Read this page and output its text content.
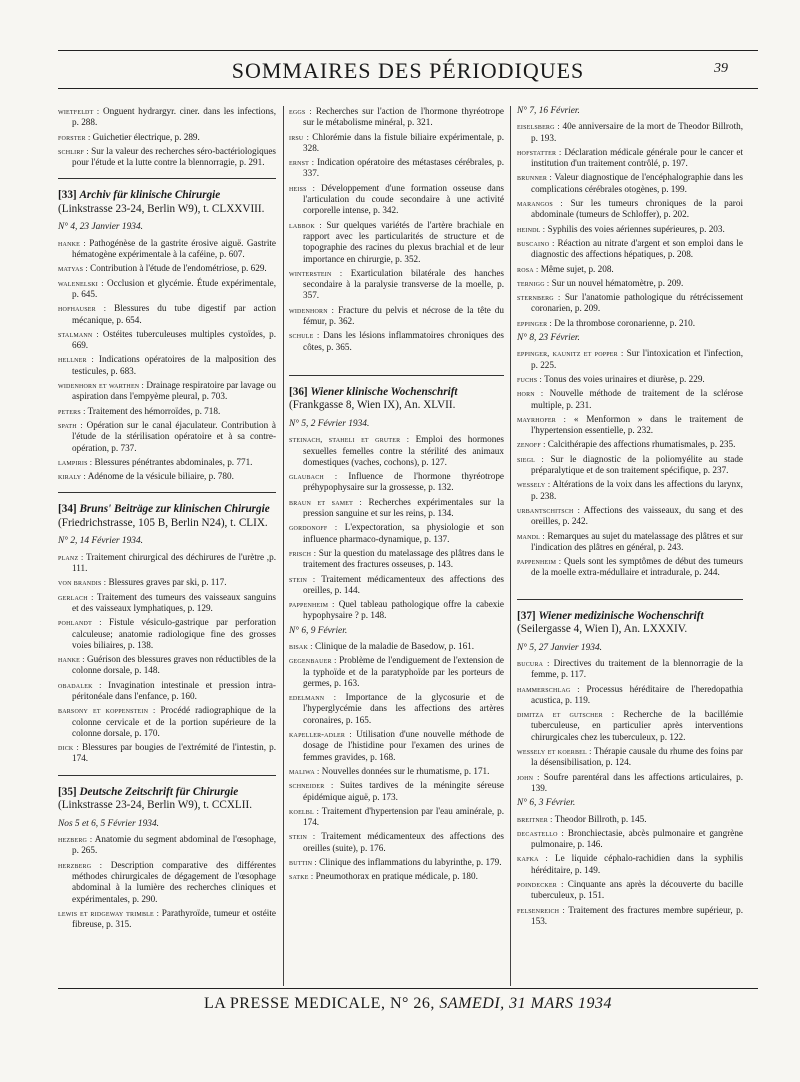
SOMMAIRES DES PÉRIODIQUES	39

wietfeldt : Onguent hydrargyr. ciner. dans les infections, p. 288.

forster : Guichetier électrique, p. 289.

schlirf : Sur la valeur des recherches séro-bactériologiques pour l'étude et la lutte contre la blennorragie, p. 291.

[33] Archiv für klinische Chirurgie (Linkstrasse 23-24, Berlin W9), t. CLXXVIII.

N° 4, 23 Janvier 1934.

hanke : Pathogénèse de la gastrite érosive aiguë. Gastrite hématogène expérimentale à la caféine, p. 607.

matyas : Contribution à l'étude de l'endométriose, p. 629.

walenelski : Occlusion et glycémie. Étude expérimentale, p. 645.

hofhauser : Blessures du tube digestif par action mécanique, p. 654.

stalmann : Ostéites tuberculeuses multiples cystoïdes, p. 669.

hellner : Indications opératoires de la malposition des testicules, p. 683.

widenhorn et warthen : Drainage respiratoire par lavage ou aspiration dans l'empyème pleural, p. 703.

peters : Traitement des hémorroïdes, p. 718.

spath : Opération sur le canal éjaculateur. Contribution à l'étude de la stérilisation opératoire et à sa contre-opération, p. 737.

lampiris : Blessures pénétrantes abdominales, p. 771.

kiraly : Adénome de la vésicule biliaire, p. 780.

[34] Bruns' Beiträge zur klinischen Chirurgie (Friedrichstrasse, 105 B, Berlin N24), t. CLIX.

N° 2, 14 Février 1934.

planz : Traitement chirurgical des déchirures de l'urètre ,p. 111.

von brandis : Blessures graves par ski, p. 117.

gerlach : Traitement des tumeurs des vaisseaux sanguins et des vaisseaux lymphatiques, p. 129.

pohlandt : Fistule vésiculo-gastrique par perforation calculeuse; anatomie radiologique fine des grosses voies biliaires, p. 138.

hanke : Guérison des blessures graves non réductibles de la colonne dorsale, p. 148.

obadalek : Invagination intestinale et pression intra-péritonéale dans l'enfance, p. 160.

barsony et koppenstein : Procédé radiographique de la colonne cervicale et de la portion supérieure de la colonne dorsale, p. 170.

dick : Blessures par bougies de l'extrémité de l'intestin, p. 174.

[35] Deutsche Zeitschrift für Chirurgie (Linkstrasse 23-24, Berlin W9), t. CCXLII.

Nos 5 et 6, 5 Février 1934.

hezberg : Anatomie du segment abdominal de l'œsophage, p. 265.

herzberg : Description comparative des différentes méthodes chirurgicales de dégagement de l'œsophage abdominal à la lumière des recherches cliniques et expérimentales, p. 290.

lewis et ridgeway trimble : Parathyroïde, tumeur et ostéite fibreuse, p. 315.

eggs : Recherches sur l'action de l'hormone thyréotrope sur le métabolisme minéral, p. 321.

irsu : Chlorémie dans la fistule biliaire expérimentale, p. 328.

ernst : Indication opératoire des métastases cérébrales, p. 337.

heiss : Développement d'une formation osseuse dans l'articulation du coude secondaire à une activité corporelle intense, p. 342.

labbok : Sur quelques variétés de l'artère brachiale en rapport avec les particularités de structure et de topographie des racines du plexus brachial et de leur importance en chirurgie, p. 352.

winterstein : Exarticulation bilatérale des hanches secondaire à la paralysie transverse de la moelle, p. 357.

widenhorn : Fracture du pelvis et nécrose de la tête du fémur, p. 362.

schule : Dans les lésions inflammatoires chroniques des côtes, p. 365.

[36] Wiener klinische Wochenschrift (Frankgasse 8, Wien IX), An. XLVII.

N° 5, 2 Février 1934.

steinach, staheli et gruter : Emploi des hormones sexuelles femelles contre la stérilité des animaux domestiques (vaches, cochons), p. 127.

glaubach : Influence de l'hormone thyréotrope préhypophysaire sur la grossesse, p. 132.

braun et samet : Recherches expérimentales sur la pression sanguine et sur les reins, p. 134.

gordonoff : L'expectoration, sa physiologie et son influence pharmaco-dynamique, p. 137.

frisch : Sur la question du matelassage des plâtres dans le traitement des fractures osseuses, p. 143.

stein : Traitement médicamenteux des affections des oreilles, p. 144.

pappenheim : Quel tableau pathologique offre la cabexie hypophysaire ? p. 148.

N° 6, 9 Février.

bisak : Clinique de la maladie de Basedow, p. 161.

gegenbauer : Problème de l'endiguement de l'extension de la typhoïde et de la paratyphoïde par les porteurs de germes, p. 163.

edelmann : Importance de la glycosurie et de l'hyperglycémie dans les affections des artères coronaires, p. 165.

kapeller-adler : Utilisation d'une nouvelle méthode de dosage de l'histidine pour l'examen des urines de femmes gravides, p. 168.

maliwa : Nouvelles données sur le rhumatisme, p. 171.

schneider : Suites tardives de la méningite séreuse épidémique aiguë, p. 173.

koelbl : Traitement d'hypertension par l'eau aminérale, p. 174.

stein : Traitement médicamenteux des affections des oreilles (suite), p. 176.

buttin : Clinique des inflammations du labyrinthe, p. 179.

satke : Pneumothorax en pratique médicale, p. 180.

N° 7, 16 Février.

eiselsberg : 40e anniversaire de la mort de Theodor Billroth, p. 193.

hofstatter : Déclaration médicale générale pour le cancer et institution d'un traitement contrôlé, p. 197.

brunner : Valeur diagnostique de l'encéphalographie dans les complications cérébrales otogènes, p. 199.

marangos : Sur les tumeurs chroniques de la paroi abdominale (tumeurs de Schloffer), p. 202.

heindl : Syphilis des voies aériennes supérieures, p. 203.

buscaino : Réaction au nitrate d'argent et son emploi dans le diagnostic des affections hépatiques, p. 208.

rosa : Même sujet, p. 208.

ternigg : Sur un nouvel hématomètre, p. 209.

sternberg : Sur l'anatomie pathologique du rétrécissement coronarien, p. 209.

eppinger : De la thrombose coronarienne, p. 210.

N° 8, 23 Février.

eppinger, kaunitz et popper : Sur l'intoxication et l'infection, p. 225.

fuchs : Tonus des voies urinaires et diurèse, p. 229.

horn : Nouvelle méthode de traitement de la sclérose multiple, p. 231.

mayrhofer : « Menformon » dans le traitement de l'hypertension essentielle, p. 232.

zenoff : Calcithérapie des affections rhumatismales, p. 235.

siegl : Sur le diagnostic de la poliomyélite au stade préparalytique et de son traitement spécifique, p. 237.

wessely : Altérations de la voix dans les affections du larynx, p. 238.

urbantschitsch : Affections des vaisseaux, du sang et des oreilles, p. 242.

mandl : Remarques au sujet du matelassage des plâtres et sur l'indication des plâtres en général, p. 243.

pappenheim : Quels sont les symptômes de début des tumeurs de la moelle extra-médullaire et intradurale, p. 244.

[37] Wiener medizinische Wochenschrift (Seilergasse 4, Wien I), An. LXXXIV.

N° 5, 27 Janvier 1934.

bucura : Directives du traitement de la blennorragie de la femme, p. 117.

hammerschlag : Processus héréditaire de l'heredopathia acustica, p. 119.

dimitza et gutscher : Recherche de la bacillémie tuberculeuse, en particulier après interventions chirurgicales chez les tuberculeux, p. 122.

wessely et koerbel : Thérapie causale du rhume des foins par la désensibilisation, p. 124.

john : Soufre parentéral dans les affections articulaires, p. 139.

N° 6, 3 Février.

breitner : Theodor Billroth, p. 145.

decastello : Bronchiectasie, abcès pulmonaire et gangrène pulmonaire, p. 146.

kafka : Le liquide céphalo-rachidien dans la syphilis héréditaire, p. 149.

poindecker : Cinquante ans après la découverte du bacille tuberculeux, p. 151.

felsenreich : Traitement des fractures membre supérieur, p. 153.

LA PRESSE MEDICALE, N° 26, SAMEDI, 31 MARS 1934
